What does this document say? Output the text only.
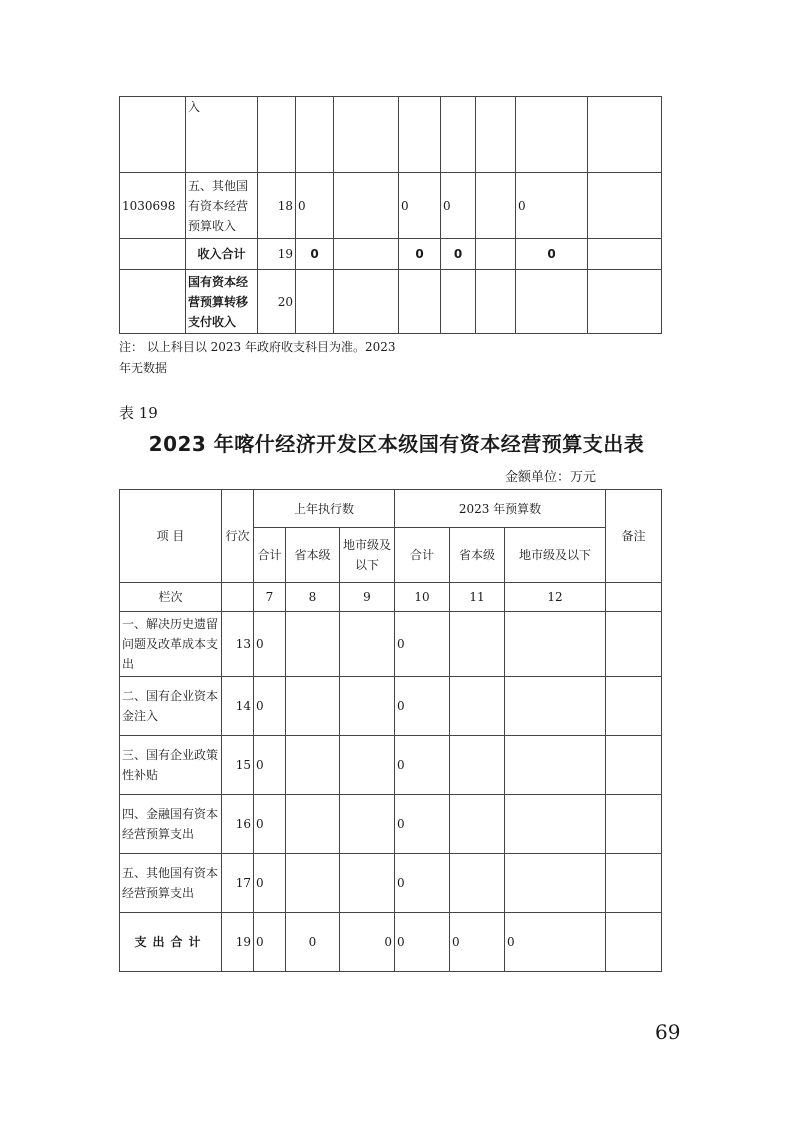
	入								
1030698	五、其他国有资本经营预算收入	18	0		0	0		0	
	收入合计	19	0		0	0		0	
	国有资本经营预算转移支付收入	20							
注： 以上科目以 2023 年政府收支科目为准。2023
年无数据
表 19
2023 年喀什经济开发区本级国有资本经营预算支出表
金额单位：万元
项 目	行次	上年执行数			2023 年预算数			备注
		合计	省本级	地市级及以下	合计	省本级	地市级及以下	
栏次		7	8	9	10	11	12	
一、解决历史遗留问题及改革成本支出	13	0			0			
二、国有企业资本金注入	14	0			0			
三、国有企业政策性补贴	15	0			0			
四、金融国有资本经营预算支出	16	0			0			
五、其他国有资本经营预算支出	17	0			0			
支出合计	19	0	0	0	0	0	0	
69
